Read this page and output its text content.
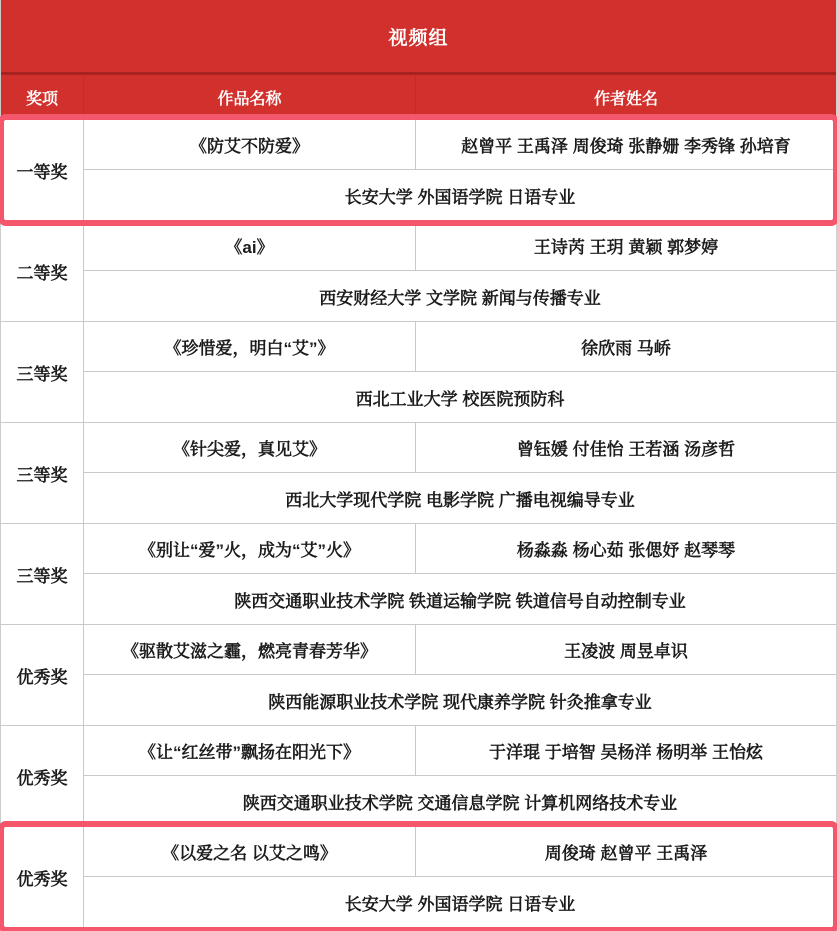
视频组
奖项	作品名称	作者姓名
一等奖
《防艾不防爱》	赵曾平 王禹泽 周俊琦 张静姗 李秀锋 孙培育
长安大学 外国语学院 日语专业
二等奖
《ai》	王诗芮 王玥 黄颖 郭梦婷
西安财经大学 文学院 新闻与传播专业
三等奖
《珍惜爱，明白“艾”》	徐欣雨 马峤
西北工业大学 校医院预防科
三等奖
《针尖爱，真见艾》	曾钰媛 付佳怡 王若涵 汤彦哲
西北大学现代学院 电影学院 广播电视编导专业
三等奖
《别让“爱”火，成为“艾”火》	杨淼淼 杨心茹 张偲妤 赵琴琴
陕西交通职业技术学院 铁道运输学院 铁道信号自动控制专业
优秀奖
《驱散艾滋之霾，燃亮青春芳华》	王凌波 周昱卓识
陕西能源职业技术学院 现代康养学院 针灸推拿专业
优秀奖
《让“红丝带”飘扬在阳光下》	于洋琨 于培智 吴杨洋 杨明举 王怡炫
陕西交通职业技术学院 交通信息学院 计算机网络技术专业
优秀奖
《以爱之名 以艾之鸣》	周俊琦 赵曾平 王禹泽
长安大学 外国语学院 日语专业
